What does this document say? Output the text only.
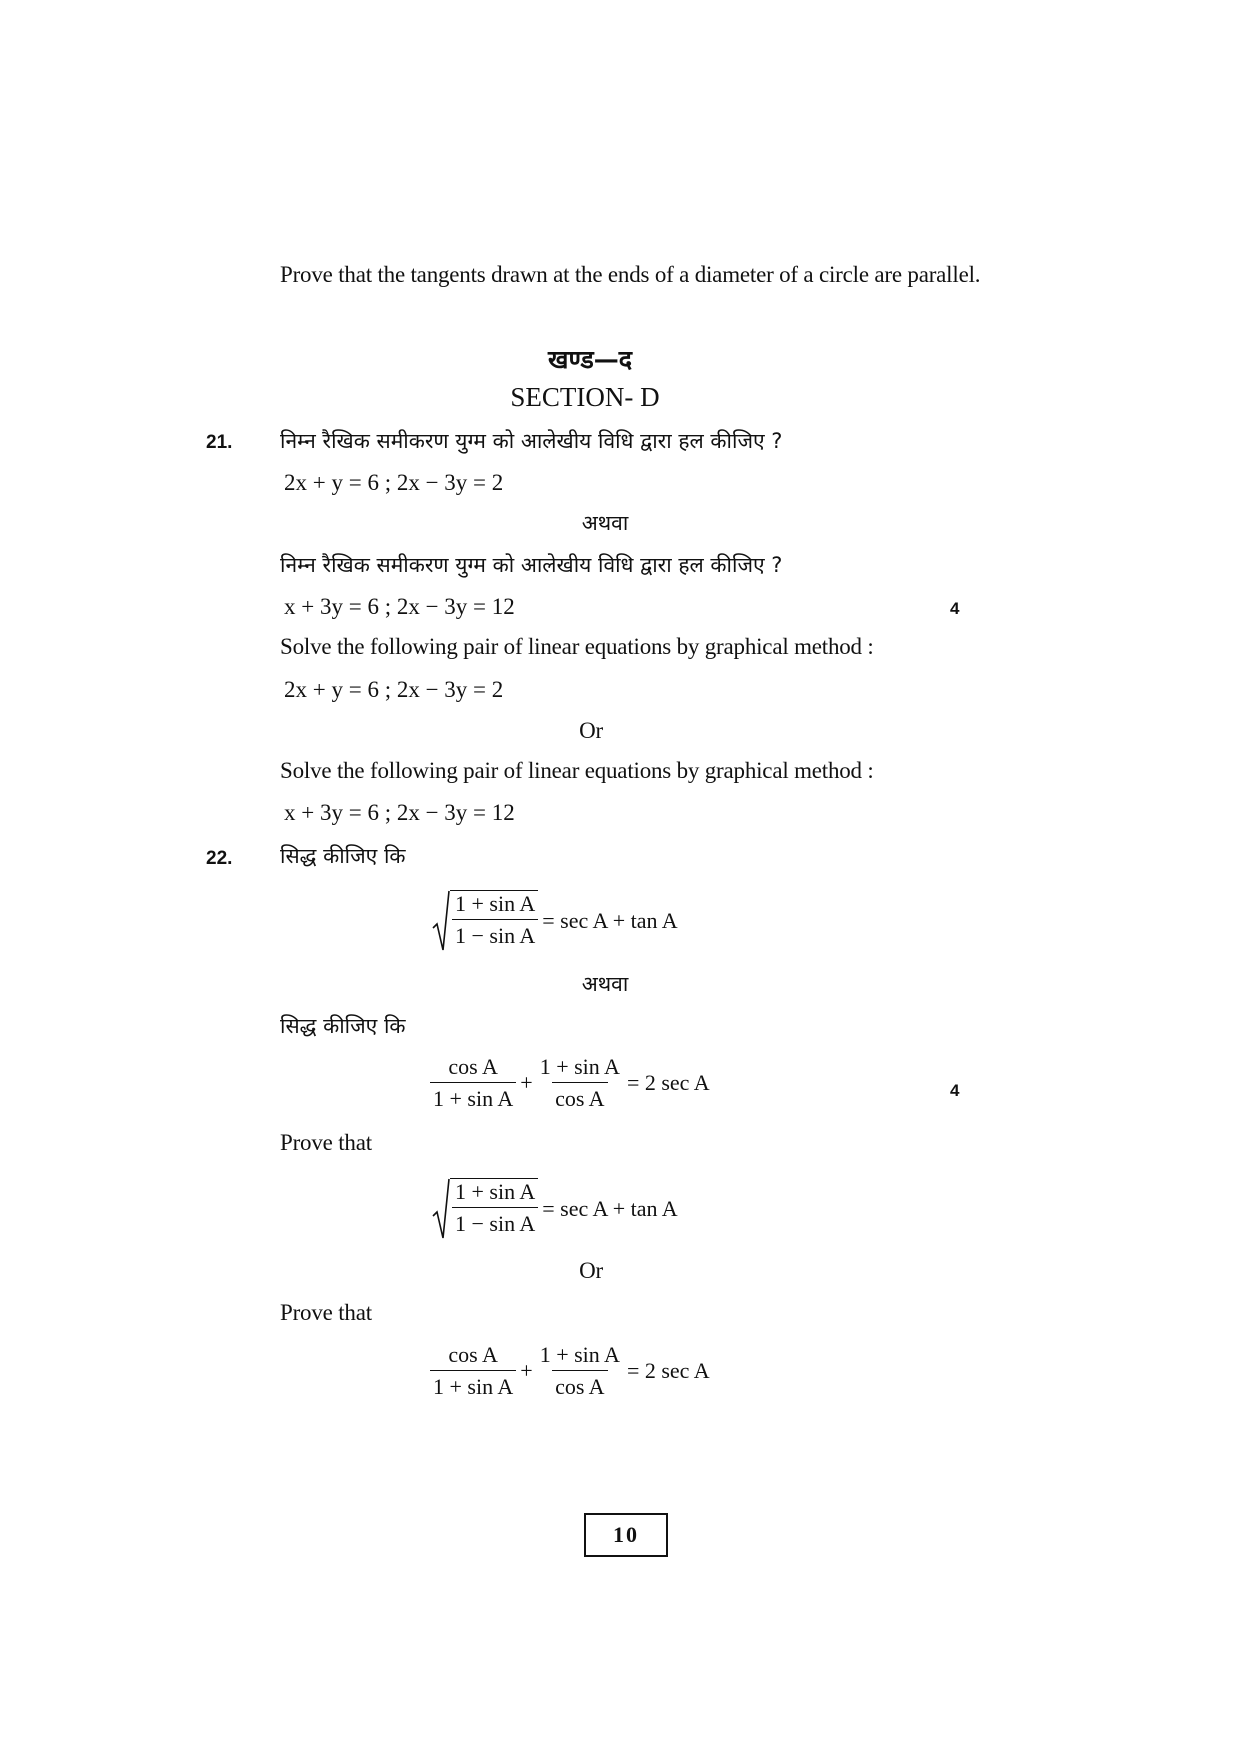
Prove that the tangents drawn at the ends of a diameter of a circle are parallel.
खण्ड—द
SECTION- D
21. निम्न रैखिक समीकरण युग्म को आलेखीय विधि द्वारा हल कीजिए ?
2x + y = 6 ; 2x − 3y = 2
अथवा
निम्न रैखिक समीकरण युग्म को आलेखीय विधि द्वारा हल कीजिए ?
x + 3y = 6 ; 2x − 3y = 12	4
Solve the following pair of linear equations by graphical method :
2x + y = 6 ; 2x − 3y = 2
Or
Solve the following pair of linear equations by graphical method :
x + 3y = 6 ; 2x − 3y = 12
22. सिद्ध कीजिए कि
$\frac{\text{1 + sin A}}{\text{1 − sin A}} = \sec A + \tan A$
अथवा
सिद्ध कीजिए कि
$\frac{\text{cos A}}{\text{1 + sin A}} + \frac{\text{1 + sin A}}{\text{cos A}} = 2$ sec A	4
Prove that
$\frac{\text{1 + sin A}}{\text{1 − sin A}} = \sec A + \tan A$
Or
Prove that
$\frac{\text{cos A}}{\text{1 + sin A}} + \frac{\text{1 + sin A}}{\text{cos A}} = 2$ sec A
10
